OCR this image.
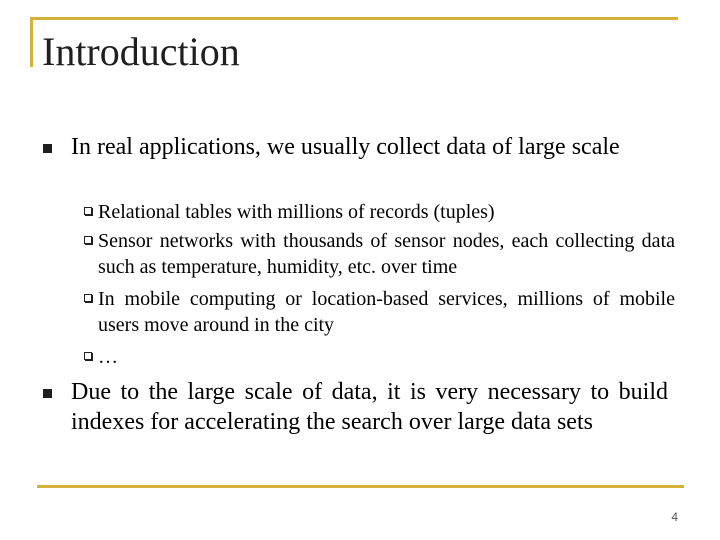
Introduction
In real applications, we usually collect data of large scale
Relational tables with millions of records (tuples)
Sensor networks with thousands of sensor nodes, each collecting data such as temperature, humidity, etc. over time
In mobile computing or location-based services, millions of mobile users move around in the city
…
Due to the large scale of data, it is very necessary to build indexes for accelerating the search over large data sets
4
